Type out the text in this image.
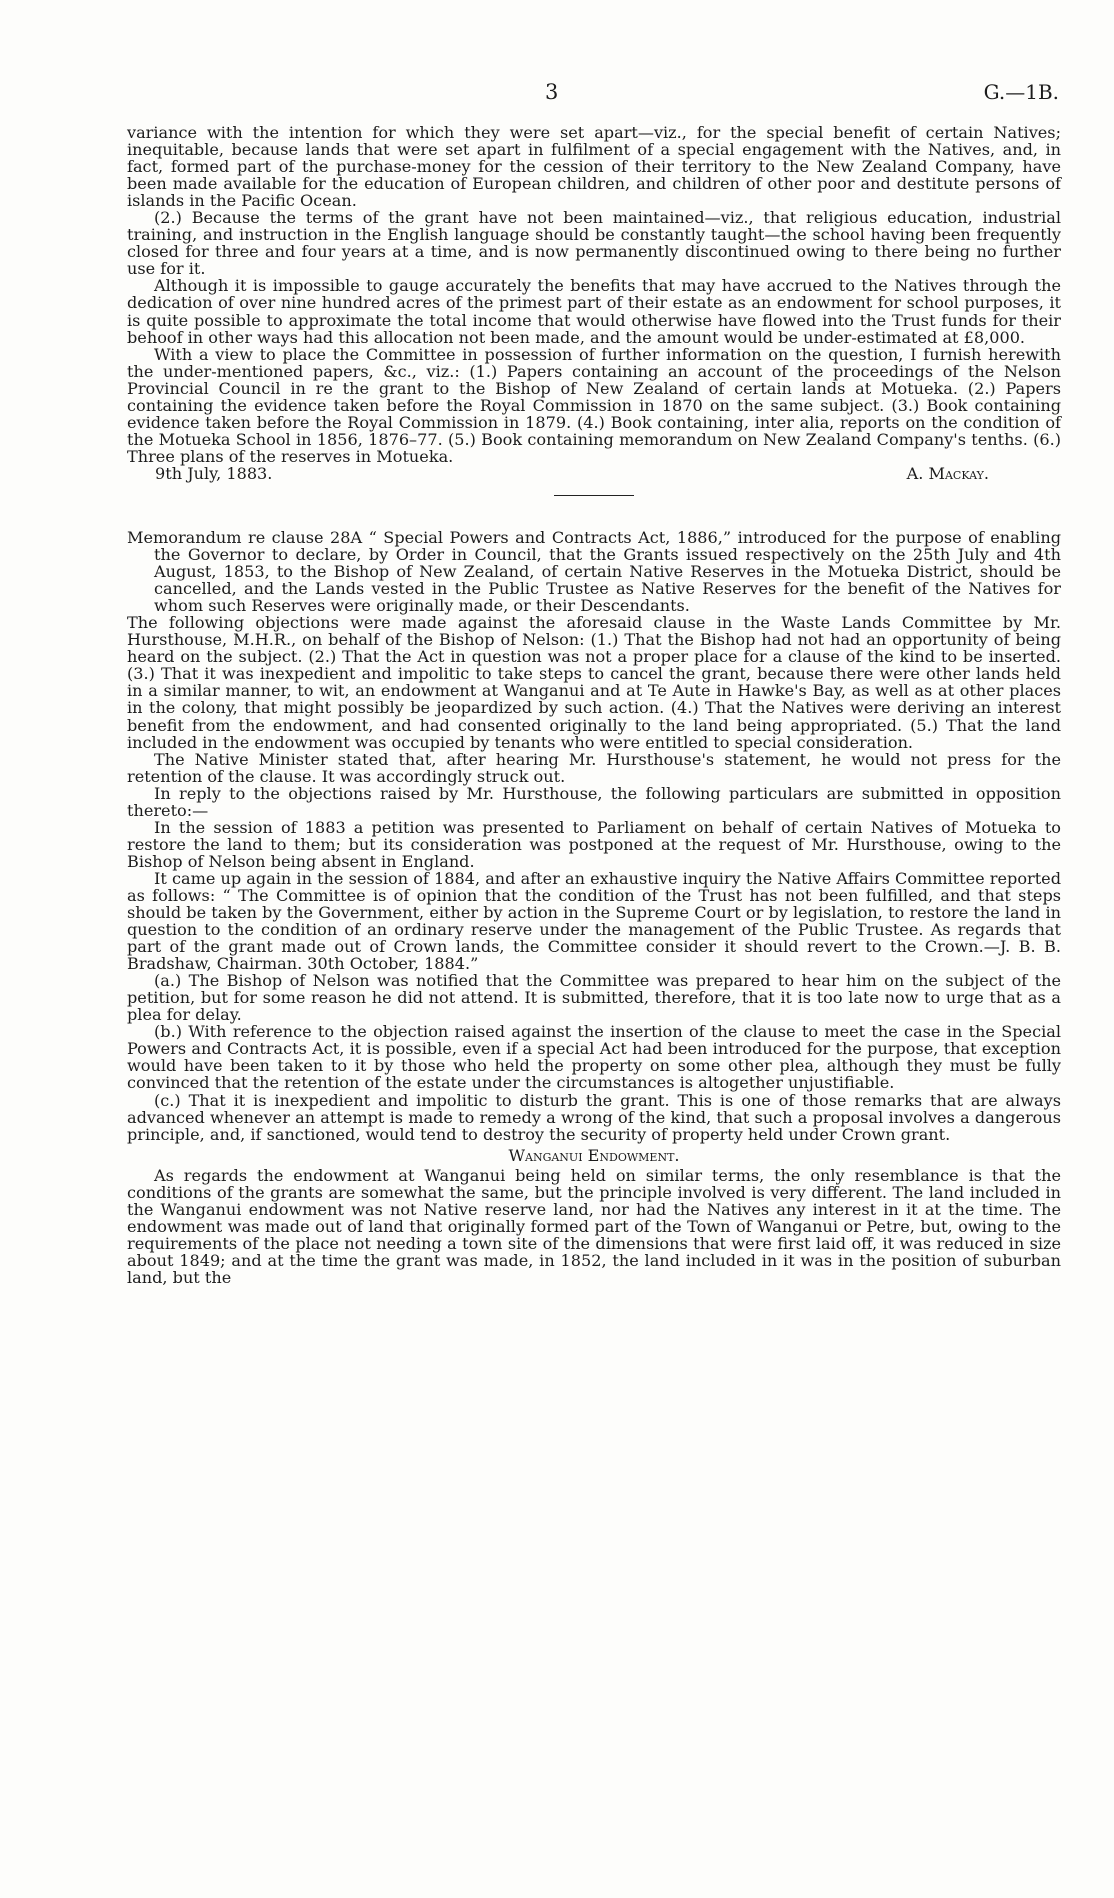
3	G.—1B.

variance with the intention for which they were set apart—viz., for the special benefit of certain Natives; inequitable, because lands that were set apart in fulfilment of a special engagement with the Natives, and, in fact, formed part of the purchase-money for the cession of their territory to the New Zealand Company, have been made available for the education of European children, and children of other poor and destitute persons of islands in the Pacific Ocean.

(2.) Because the terms of the grant have not been maintained—viz., that religious education, industrial training, and instruction in the English language should be constantly taught—the school having been frequently closed for three and four years at a time, and is now permanently discontinued owing to there being no further use for it.

Although it is impossible to gauge accurately the benefits that may have accrued to the Natives through the dedication of over nine hundred acres of the primest part of their estate as an endowment for school purposes, it is quite possible to approximate the total income that would otherwise have flowed into the Trust funds for their behoof in other ways had this allocation not been made, and the amount would be under-estimated at £8,000.

With a view to place the Committee in possession of further information on the question, I furnish herewith the under-mentioned papers, &c., viz.: (1.) Papers containing an account of the proceedings of the Nelson Provincial Council in re the grant to the Bishop of New Zealand of certain lands at Motueka. (2.) Papers containing the evidence taken before the Royal Commission in 1870 on the same subject. (3.) Book containing evidence taken before the Royal Commission in 1879. (4.) Book containing, inter alia, reports on the condition of the Motueka School in 1856, 1876–77. (5.) Book containing memorandum on New Zealand Company's tenths. (6.) Three plans of the reserves in Motueka.

9th July, 1883.	A. Mackay.

Memorandum re clause 28A “ Special Powers and Contracts Act, 1886,” introduced for the purpose of enabling the Governor to declare, by Order in Council, that the Grants issued respectively on the 25th July and 4th August, 1853, to the Bishop of New Zealand, of certain Native Reserves in the Motueka District, should be cancelled, and the Lands vested in the Public Trustee as Native Reserves for the benefit of the Natives for whom such Reserves were originally made, or their Descendants.

The following objections were made against the aforesaid clause in the Waste Lands Committee by Mr. Hursthouse, M.H.R., on behalf of the Bishop of Nelson: (1.) That the Bishop had not had an opportunity of being heard on the subject. (2.) That the Act in question was not a proper place for a clause of the kind to be inserted. (3.) That it was inexpedient and impolitic to take steps to cancel the grant, because there were other lands held in a similar manner, to wit, an endowment at Wanganui and at Te Aute in Hawke's Bay, as well as at other places in the colony, that might possibly be jeopardized by such action. (4.) That the Natives were deriving an interest benefit from the endowment, and had consented originally to the land being appropriated. (5.) That the land included in the endowment was occupied by tenants who were entitled to special consideration.

The Native Minister stated that, after hearing Mr. Hursthouse's statement, he would not press for the retention of the clause. It was accordingly struck out.

In reply to the objections raised by Mr. Hursthouse, the following particulars are submitted in opposition thereto:—

In the session of 1883 a petition was presented to Parliament on behalf of certain Natives of Motueka to restore the land to them; but its consideration was postponed at the request of Mr. Hursthouse, owing to the Bishop of Nelson being absent in England.

It came up again in the session of 1884, and after an exhaustive inquiry the Native Affairs Committee reported as follows: “ The Committee is of opinion that the condition of the Trust has not been fulfilled, and that steps should be taken by the Government, either by action in the Supreme Court or by legislation, to restore the land in question to the condition of an ordinary reserve under the management of the Public Trustee. As regards that part of the grant made out of Crown lands, the Committee consider it should revert to the Crown.—J. B. B. Bradshaw, Chairman. 30th October, 1884.”

(a.) The Bishop of Nelson was notified that the Committee was prepared to hear him on the subject of the petition, but for some reason he did not attend. It is submitted, therefore, that it is too late now to urge that as a plea for delay.

(b.) With reference to the objection raised against the insertion of the clause to meet the case in the Special Powers and Contracts Act, it is possible, even if a special Act had been introduced for the purpose, that exception would have been taken to it by those who held the property on some other plea, although they must be fully convinced that the retention of the estate under the circumstances is altogether unjustifiable.

(c.) That it is inexpedient and impolitic to disturb the grant. This is one of those remarks that are always advanced whenever an attempt is made to remedy a wrong of the kind, that such a proposal involves a dangerous principle, and, if sanctioned, would tend to destroy the security of property held under Crown grant.

Wanganui Endowment.

As regards the endowment at Wanganui being held on similar terms, the only resemblance is that the conditions of the grants are somewhat the same, but the principle involved is very different. The land included in the Wanganui endowment was not Native reserve land, nor had the Natives any interest in it at the time. The endowment was made out of land that originally formed part of the Town of Wanganui or Petre, but, owing to the requirements of the place not needing a town site of the dimensions that were first laid off, it was reduced in size about 1849; and at the time the grant was made, in 1852, the land included in it was in the position of suburban land, but the
